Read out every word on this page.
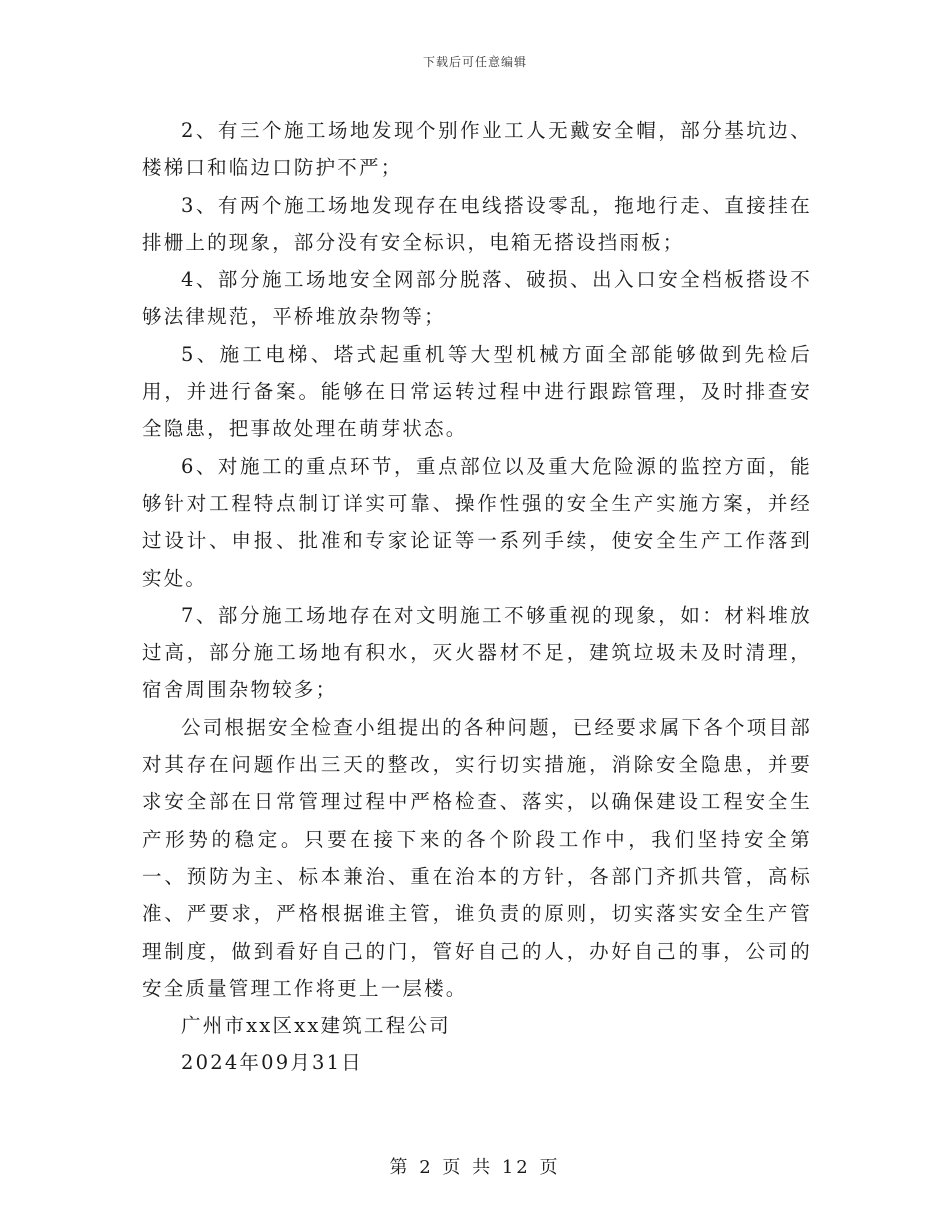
下载后可任意编辑

2、有三个施工场地发现个别作业工人无戴安全帽，部分基坑边、楼梯口和临边口防护不严；

3、有两个施工场地发现存在电线搭设零乱，拖地行走、直接挂在排栅上的现象，部分没有安全标识，电箱无搭设挡雨板；

4、部分施工场地安全网部分脱落、破损、出入口安全档板搭设不够法律规范，平桥堆放杂物等；

5、施工电梯、塔式起重机等大型机械方面全部能够做到先检后用，并进行备案。能够在日常运转过程中进行跟踪管理，及时排查安全隐患，把事故处理在萌芽状态。

6、对施工的重点环节，重点部位以及重大危险源的监控方面，能够针对工程特点制订详实可靠、操作性强的安全生产实施方案，并经过设计、申报、批准和专家论证等一系列手续，使安全生产工作落到实处。

7、部分施工场地存在对文明施工不够重视的现象，如：材料堆放过高，部分施工场地有积水，灭火器材不足，建筑垃圾未及时清理，宿舍周围杂物较多；

公司根据安全检查小组提出的各种问题，已经要求属下各个项目部对其存在问题作出三天的整改，实行切实措施，消除安全隐患，并要求安全部在日常管理过程中严格检查、落实，以确保建设工程安全生产形势的稳定。只要在接下来的各个阶段工作中，我们坚持安全第一、预防为主、标本兼治、重在治本的方针，各部门齐抓共管，高标准、严要求，严格根据谁主管，谁负责的原则，切实落实安全生产管理制度，做到看好自己的门，管好自己的人，办好自己的事，公司的安全质量管理工作将更上一层楼。

广州市xx区xx建筑工程公司

2024年09月31日

第 2 页 共 12 页
